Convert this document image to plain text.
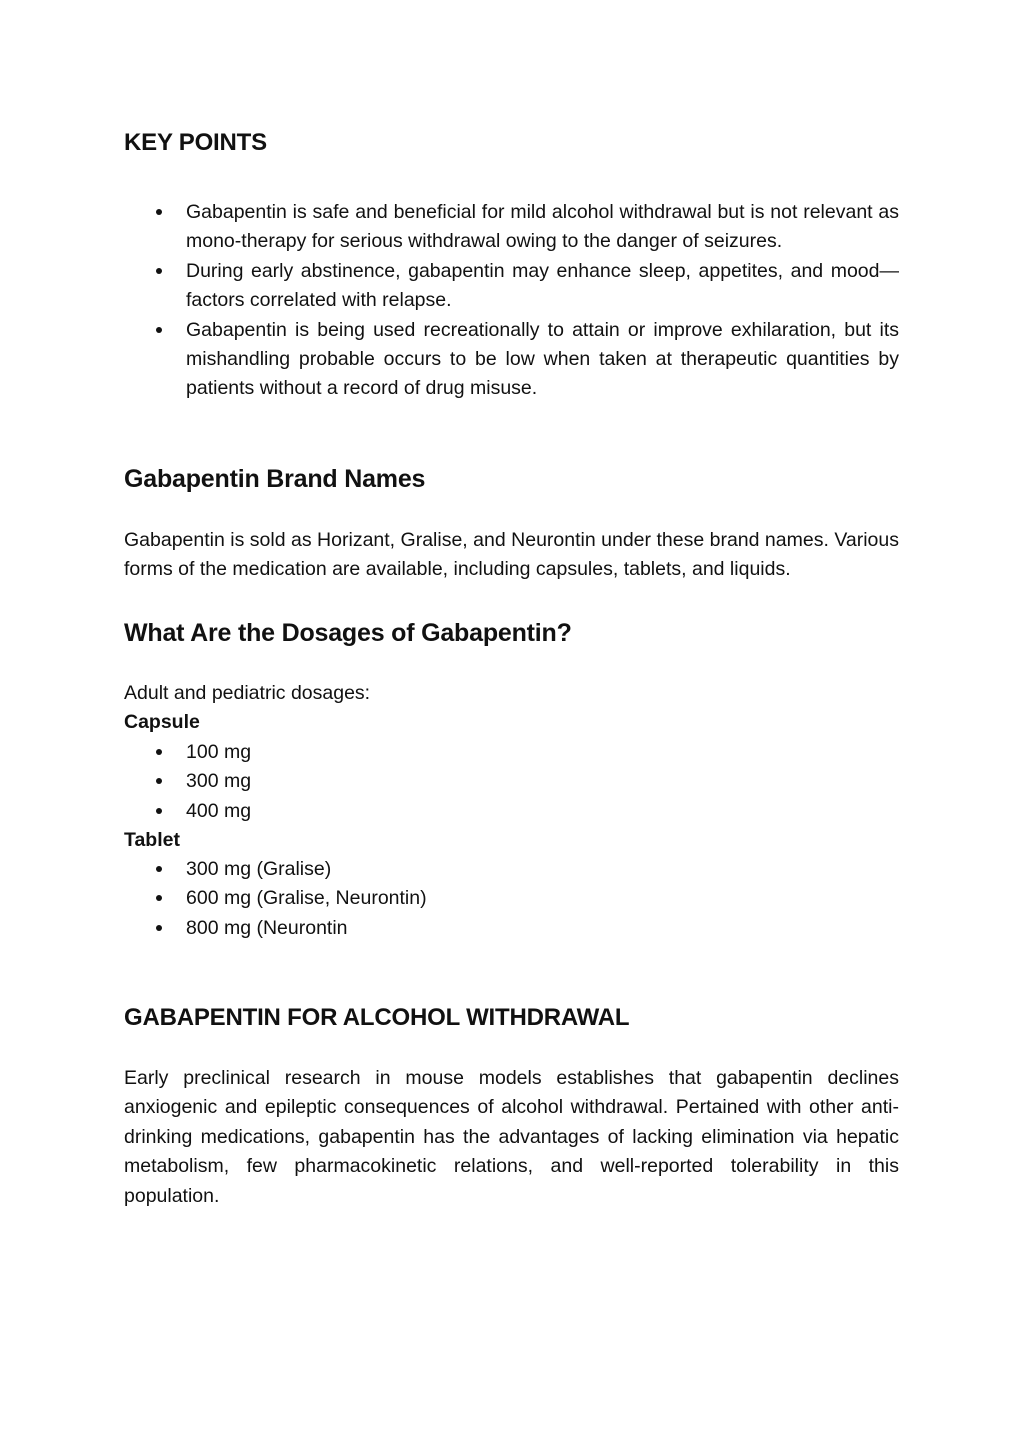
KEY POINTS
Gabapentin is safe and beneficial for mild alcohol withdrawal but is not relevant as mono-therapy for serious withdrawal owing to the danger of seizures.
During early abstinence, gabapentin may enhance sleep, appetites, and mood—factors correlated with relapse.
Gabapentin is being used recreationally to attain or improve exhilaration, but its mishandling probable occurs to be low when taken at therapeutic quantities by patients without a record of drug misuse.
Gabapentin Brand Names

Gabapentin is sold as Horizant, Gralise, and Neurontin under these brand names. Various forms of the medication are available, including capsules, tablets, and liquids.

What Are the Dosages of Gabapentin?

Adult and pediatric dosages:

Capsule

100 mg
300 mg
400 mg

Tablet

300 mg (Gralise)
600 mg (Gralise, Neurontin)
800 mg (Neurontin
GABAPENTIN FOR ALCOHOL WITHDRAWAL

Early preclinical research in mouse models establishes that gabapentin declines anxiogenic and epileptic consequences of alcohol withdrawal. Pertained with other anti-drinking medications, gabapentin has the advantages of lacking elimination via hepatic metabolism, few pharmacokinetic relations, and well-reported tolerability in this population.
